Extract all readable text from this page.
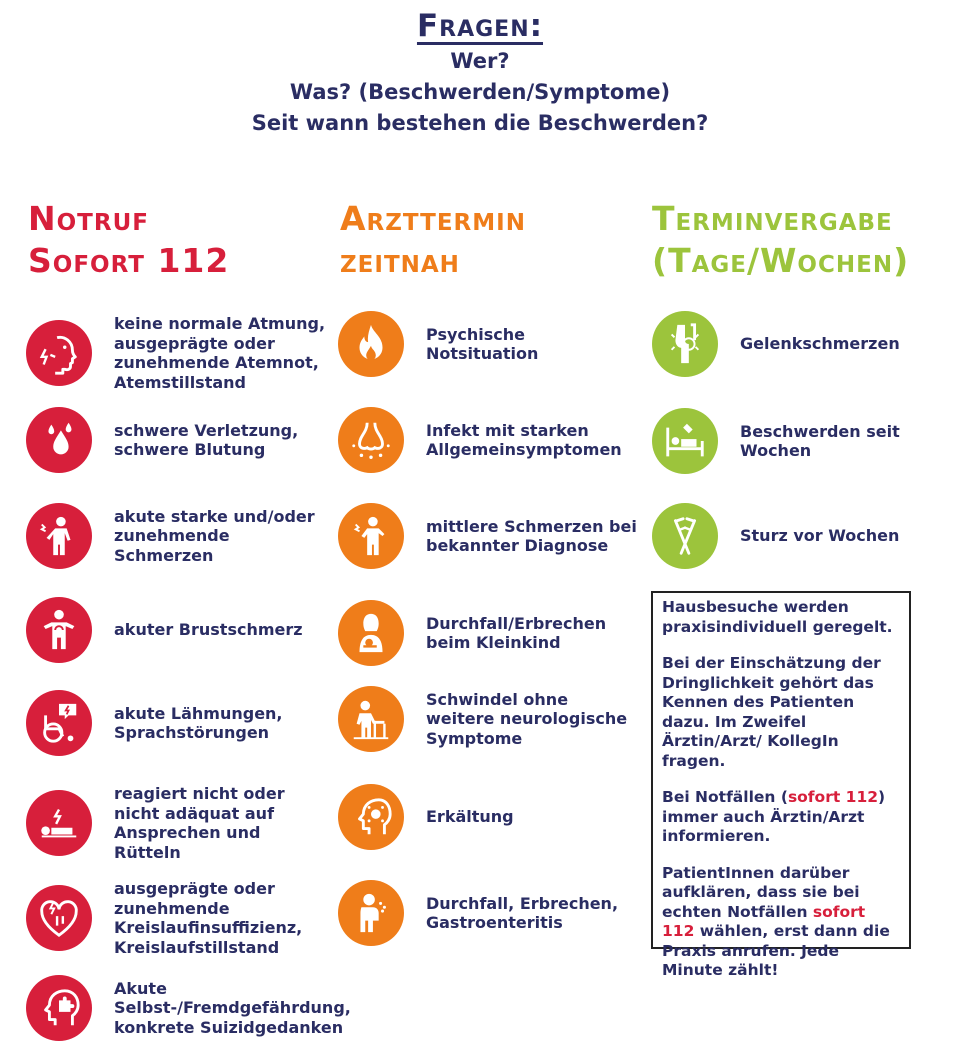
Fragen:
Wer?
Was? (Beschwerden/Symptome)
Seit wann bestehen die Beschwerden?
Notruf
Sofort 112
Arzttermin
zeitnah
Terminvergabe
(Tage/Wochen)
keine normale Atmung, ausgeprägte oder zunehmende Atemnot, Atemstillstand
schwere Verletzung, schwere Blutung
akute starke und/oder zunehmende Schmerzen
akuter Brustschmerz
akute Lähmungen, Sprachstörungen
reagiert nicht oder nicht adäquat auf Ansprechen und Rütteln
ausgeprägte oder zunehmende Kreislaufinsuffizienz, Kreislaufstillstand
Akute Selbst-/Fremdgefährdung, konkrete Suizidgedanken
Psychische Notsituation
Infekt mit starken Allgemeinsymptomen
mittlere Schmerzen bei bekannter Diagnose
Durchfall/Erbrechen beim Kleinkind
Schwindel ohne weitere neurologische Symptome
Erkältung
Durchfall, Erbrechen, Gastroenteritis
Gelenkschmerzen
Beschwerden seit Wochen
Sturz vor Wochen

Hausbesuche werden praxisindividuell geregelt.

Bei der Einschätzung der Dringlichkeit gehört das Kennen des Patienten dazu. Im Zweifel Ärztin/Arzt/ KollegIn fragen.

Bei Notfällen (sofort 112) immer auch Ärztin/Arzt informieren.

PatientInnen darüber aufklären, dass sie bei echten Notfällen sofort 112 wählen, erst dann die Praxis anrufen. Jede Minute zählt!
